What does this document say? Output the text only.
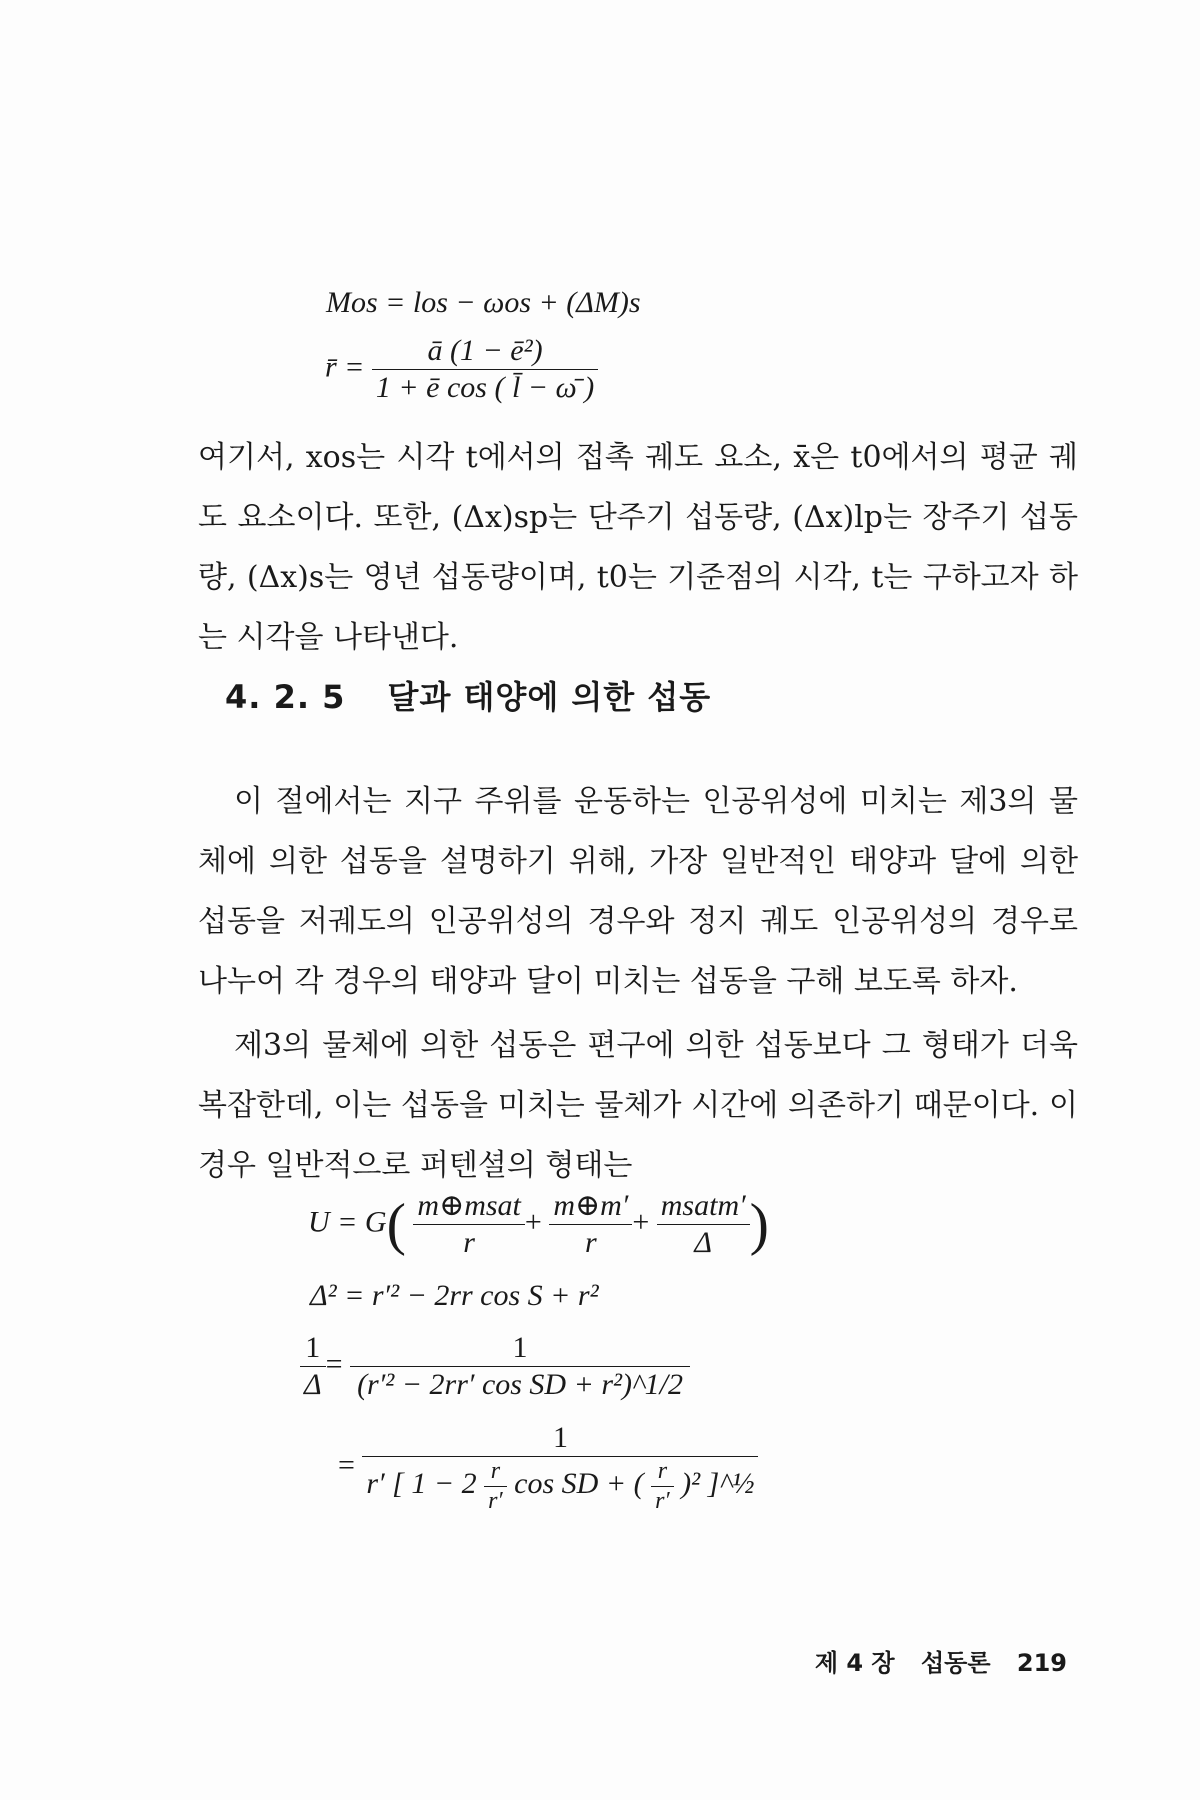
Mos = los − ωos + (ΔM)s
r̄ = $\frac{\text{ā (1 − ē²)}}{\text{1 + ē cos ( l̄ − ω̄ )}}$
여기서, xos는 시각 t에서의 접촉 궤도 요소, x̄은 t0에서의 평균 궤도 요소이다. 또한, (Δx)sp는 단주기 섭동량, (Δx)lp는 장주기 섭동량, (Δx)s는 영년 섭동량이며, t0는 기준점의 시각, t는 구하고자 하는 시각을 나타낸다.
4. 2. 5 달과 태양에 의한 섭동
이 절에서는 지구 주위를 운동하는 인공위성에 미치는 제3의 물체에 의한 섭동을 설명하기 위해, 가장 일반적인 태양과 달에 의한 섭동을 저궤도의 인공위성의 경우와 정지 궤도 인공위성의 경우로 나누어 각 경우의 태양과 달이 미치는 섭동을 구해 보도록 하자.
제3의 물체에 의한 섭동은 편구에 의한 섭동보다 그 형태가 더욱 복잡한데, 이는 섭동을 미치는 물체가 시간에 의존하기 때문이다. 이 경우 일반적으로 퍼텐셜의 형태는
$U = G( \frac{\text{m⊕msat}}{r} + \frac{m\oplus m'}{r} + \frac{\text{msatm′}}{\Delta}$ )
Δ² = r′² − 2rr cos S + r²
$\frac{1}{\Delta} = \frac{1}{\text{(r′² − 2rr′ cos SD + r²)\textasciicircum{}1/2}}$
=
1
r′ [ $1 - 2 \frac{r}{r'}$ cos SD + ( $\frac{r}{r'} )^2$ ]^½
제 4 장 섭동론 219
